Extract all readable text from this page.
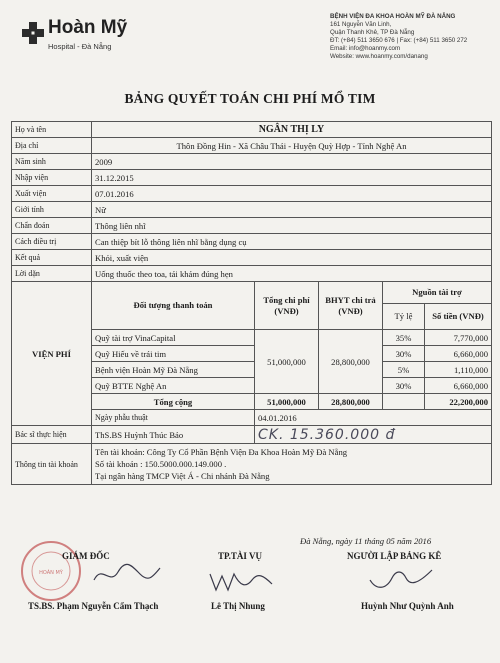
Hoàn Mỹ
Hospital - Đà Nẵng
BỆNH VIỆN ĐA KHOA HOÀN MỸ ĐÀ NẴNG
161 Nguyễn Văn Linh,
Quận Thanh Khê, TP Đà Nẵng
ĐT: (+84) 511 3650 676 | Fax: (+84) 511 3650 272
Email: info@hoanmy.com
Website: www.hoanmy.com/danang
BẢNG QUYẾT TOÁN CHI PHÍ MỔ TIM
Họ và tên	NGÂN THỊ LY				
Địa chỉ	Thôn Đồng Hin - Xã Châu Thái - Huyện Quỳ Hợp - Tỉnh Nghệ An				
Năm sinh	2009				
Nhập viện	31.12.2015				
Xuất viện	07.01.2016				
Giới tính	Nữ				
Chẩn đoán	Thông liên nhĩ				
Cách điều trị	Can thiệp bít lỗ thông liên nhĩ bằng dụng cụ				
Kết quả	Khỏi, xuất viện				
Lời dặn	Uống thuốc theo toa, tái khám đúng hẹn				
VIỆN PHÍ	Đối tượng thanh toán	Tổng chi phí (VNĐ)	BHYT chi trả (VNĐ)	Nguồn tài trợ	
				Tỷ lệ	Số tiền (VNĐ)
	Quỹ tài trợ VinaCapital	51,000,000	28,800,000	35%	7,770,000
	Quỹ Hiếu về trái tim			30%	6,660,000
	Bệnh viện Hoàn Mỹ Đà Nẵng			5%	1,110,000
	Quỹ BTTE Nghệ An			30%	6,660,000
	Tổng cộng	51,000,000	28,800,000		22,200,000
	Ngày phẫu thuật	04.01.2016			
Bác sĩ thực hiện	ThS.BS Huỳnh Thúc Bảo	CK. 15.360.000 đ			
Thông tin tài khoản	Tên tài khoản: Công Ty Cổ Phần Bệnh Viện Đa Khoa Hoàn Mỹ Đà Nẵng
Số tài khoản : 150.5000.000.149.000 .
Tại ngân hàng TMCP Việt Á - Chi nhánh Đà Nẵng				
Đà Nẵng, ngày 11 tháng 05 năm 2016
HOÀN MỸ
GIÁM ĐỐC
TS.BS. Phạm Nguyễn Cẩm Thạch
TP.TÀI VỤ
Lê Thị Nhung
NGƯỜI LẬP BẢNG KÊ
Huỳnh Như Quỳnh Anh
